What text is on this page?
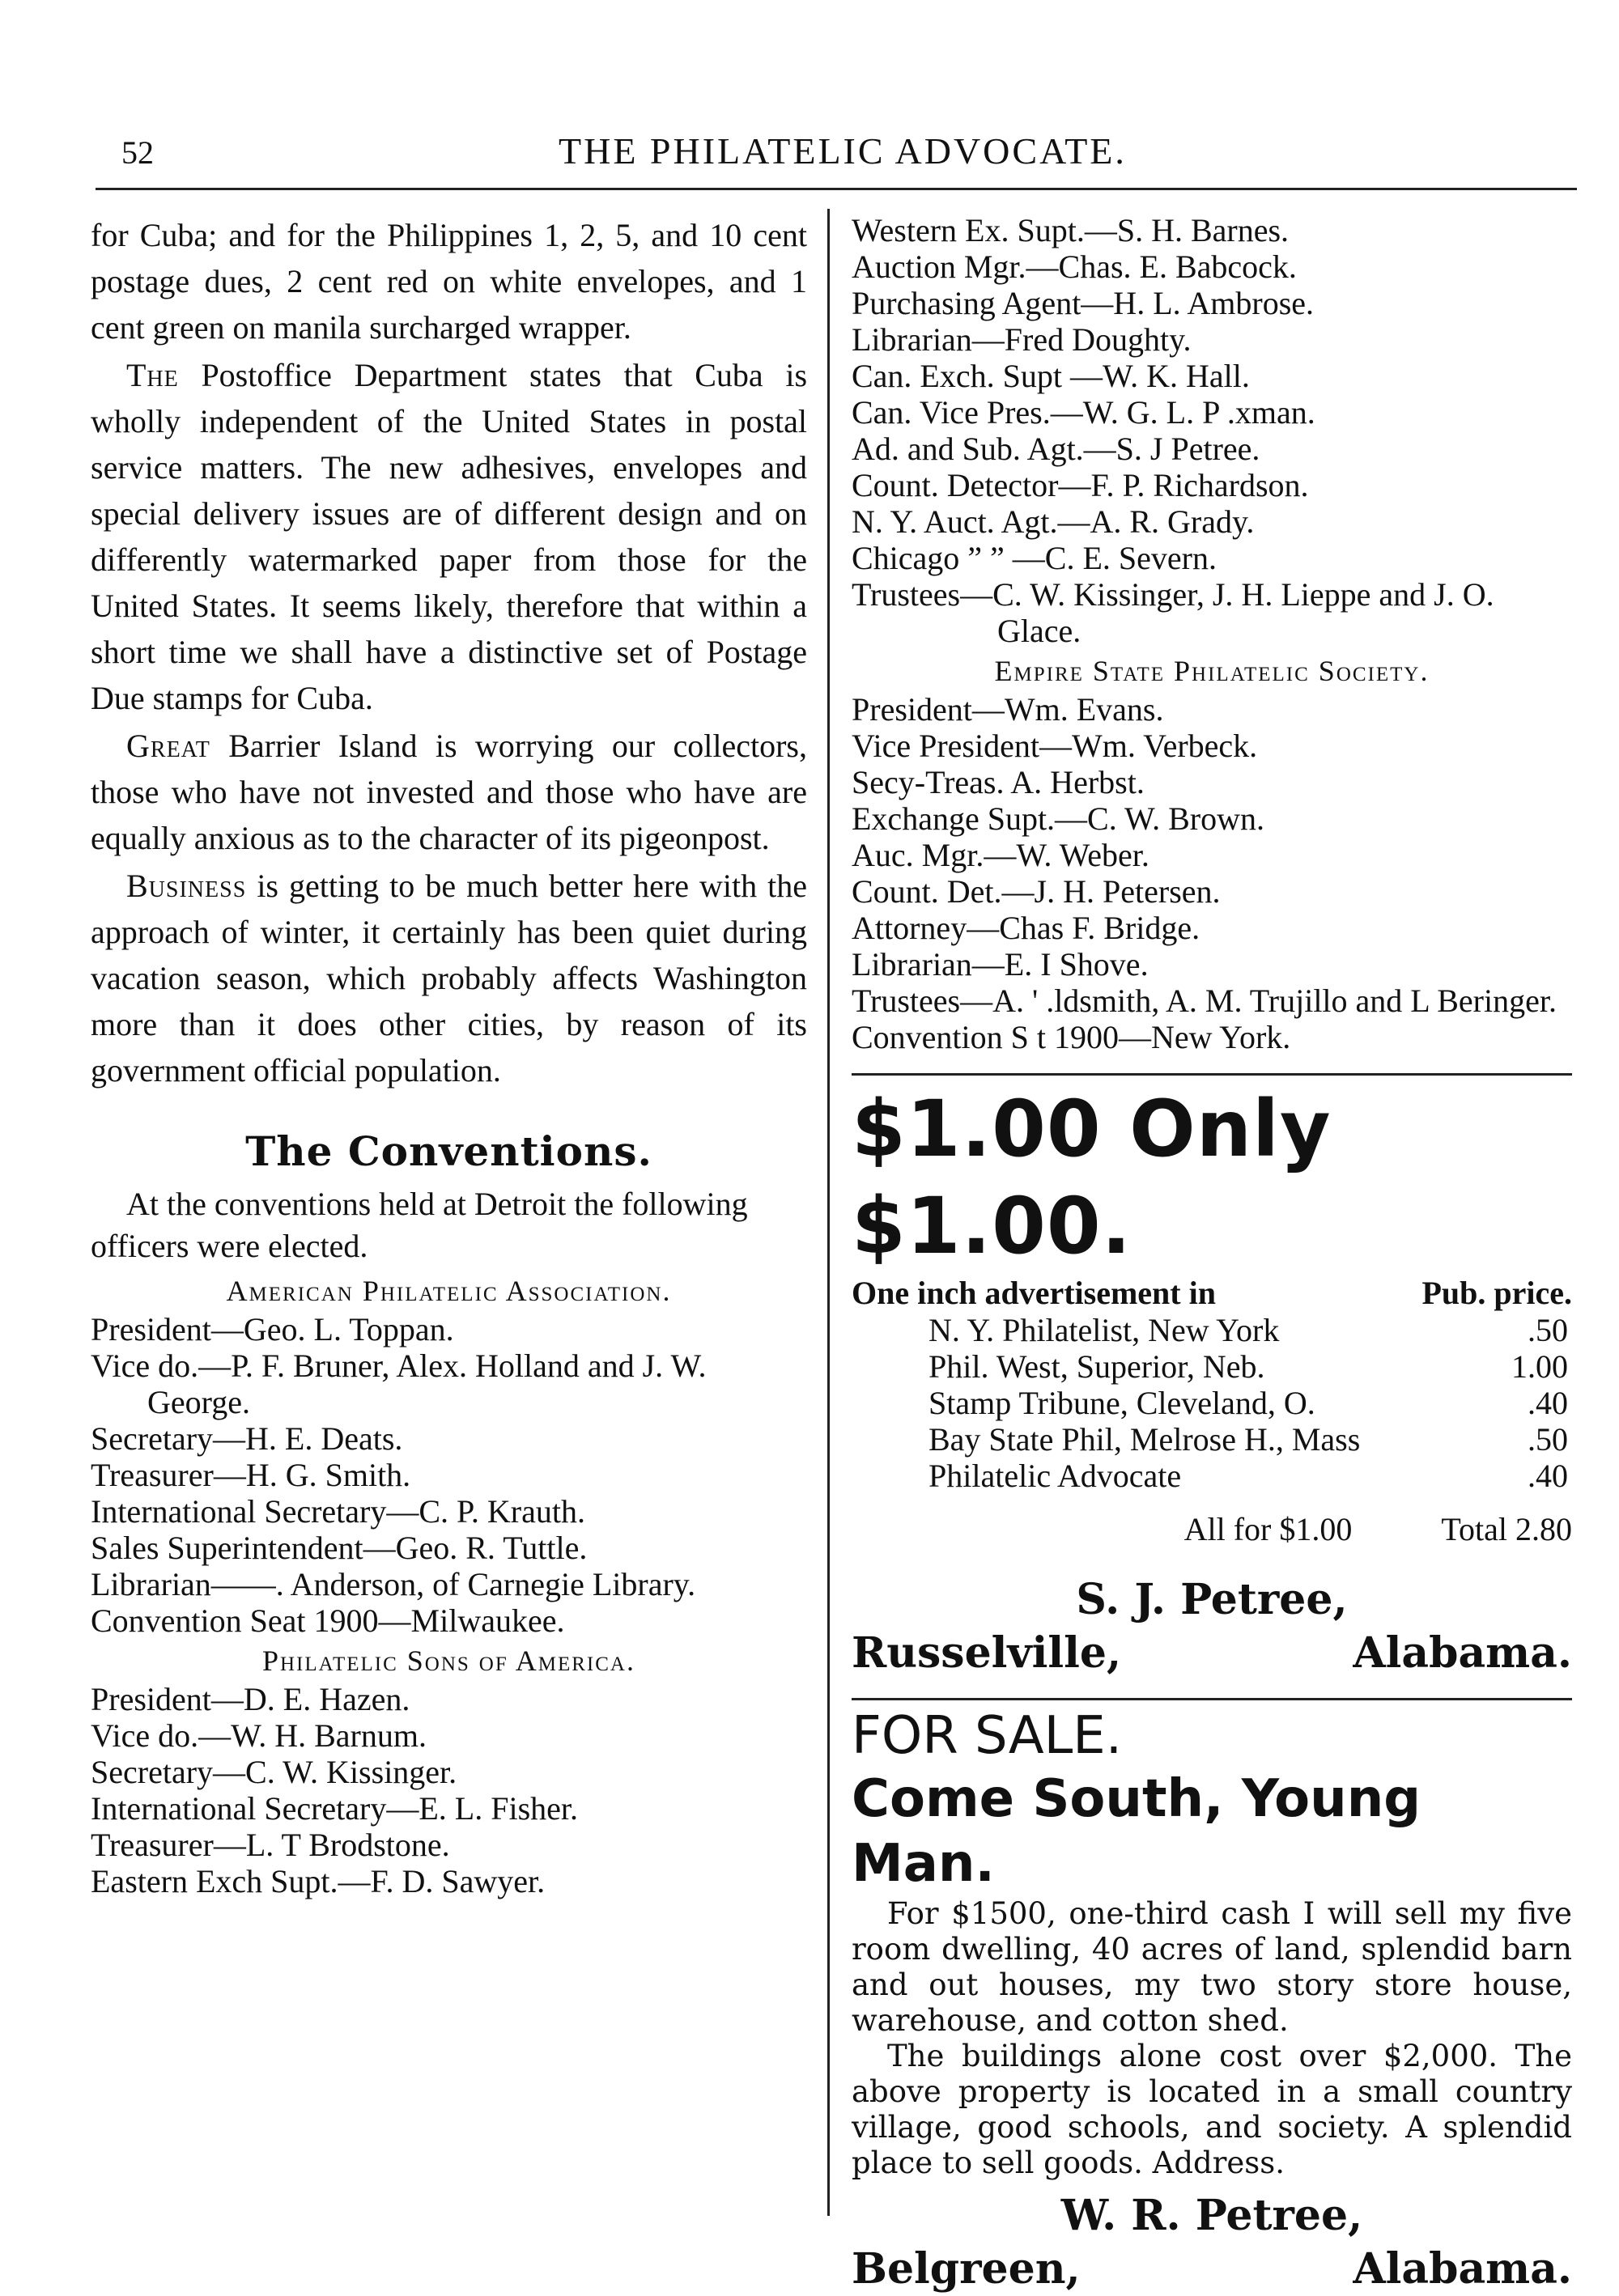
52	THE PHILATELIC ADVOCATE.

for Cuba; and for the Philippines 1, 2, 5, and 10 cent postage dues, 2 cent red on white envelopes, and 1 cent green on manila surcharged wrapper.

The Postoffice Department states that Cuba is wholly independent of the United States in postal service matters. The new adhesives, envelopes and special delivery issues are of different design and on differently watermarked paper from those for the United States. It seems likely, therefore that within a short time we shall have a distinctive set of Postage Due stamps for Cuba.

Great Barrier Island is worrying our collectors, those who have not invested and those who have are equally anxious as to the character of its pigeonpost.

Business is getting to be much better here with the approach of winter, it certainly has been quiet during vacation season, which probably affects Washington more than it does other cities, by reason of its government official population.

The Conventions.

At the conventions held at Detroit the following officers were elected.

American Philatelic Association.
President—Geo. L. Toppan.
Vice do.—P. F. Bruner, Alex. Holland and J. W. George.
Secretary—H. E. Deats.
Treasurer—H. G. Smith.
International Secretary—C. P. Krauth.
Sales Superintendent—Geo. R. Tuttle.
Librarian——. Anderson, of Carnegie Library.
Convention Seat 1900—Milwaukee.
Philatelic Sons of America.
President—D. E. Hazen.
Vice do.—W. H. Barnum.
Secretary—C. W. Kissinger.
International Secretary—E. L. Fisher.
Treasurer—L. T Brodstone.
Eastern Exch Supt.—F. D. Sawyer.
Western Ex. Supt.—S. H. Barnes.
Auction Mgr.—Chas. E. Babcock.
Purchasing Agent—H. L. Ambrose.
Librarian—Fred Doughty.
Can. Exch. Supt —W. K. Hall.
Can. Vice Pres.—W. G. L. P .xman.
Ad. and Sub. Agt.—S. J Petree.
Count. Detector—F. P. Richardson.
N. Y. Auct. Agt.—A. R. Grady.
Chicago ” ” —C. E. Severn.
Trustees—C. W. Kissinger, J. H. Lieppe and J. O. Glace.
Empire State Philatelic Society.
President—Wm. Evans.
Vice President—Wm. Verbeck.
Secy-Treas. A. Herbst.
Exchange Supt.—C. W. Brown.
Auc. Mgr.—W. Weber.
Count. Det.—J. H. Petersen.
Attorney—Chas F. Bridge.
Librarian—E. I Shove.
Trustees—A. ' .ldsmith, A. M. Trujillo and L Beringer.
Convention S t 1900—New York.
$1.00 Only $1.00.
One inch advertisement in	Pub. price.
N. Y. Philatelist, New York	.50
Phil. West, Superior, Neb.	1.00
Stamp Tribune, Cleveland, O.	.40
Bay State Phil, Melrose H., Mass	.50
Philatelic Advocate	.40
All for $1.00	Total 2.80
S. J. Petree,
Russelville,	Alabama.
FOR SALE.
Come South, Young Man.

For $1500, one-third cash I will sell my five room dwelling, 40 acres of land, splendid barn and out houses, my two story store house, warehouse, and cotton shed.

The buildings alone cost over $2,000. The above property is located in a small country village, good schools, and society. A splendid place to sell goods. Address.

W. R. Petree,
Belgreen,	Alabama.
